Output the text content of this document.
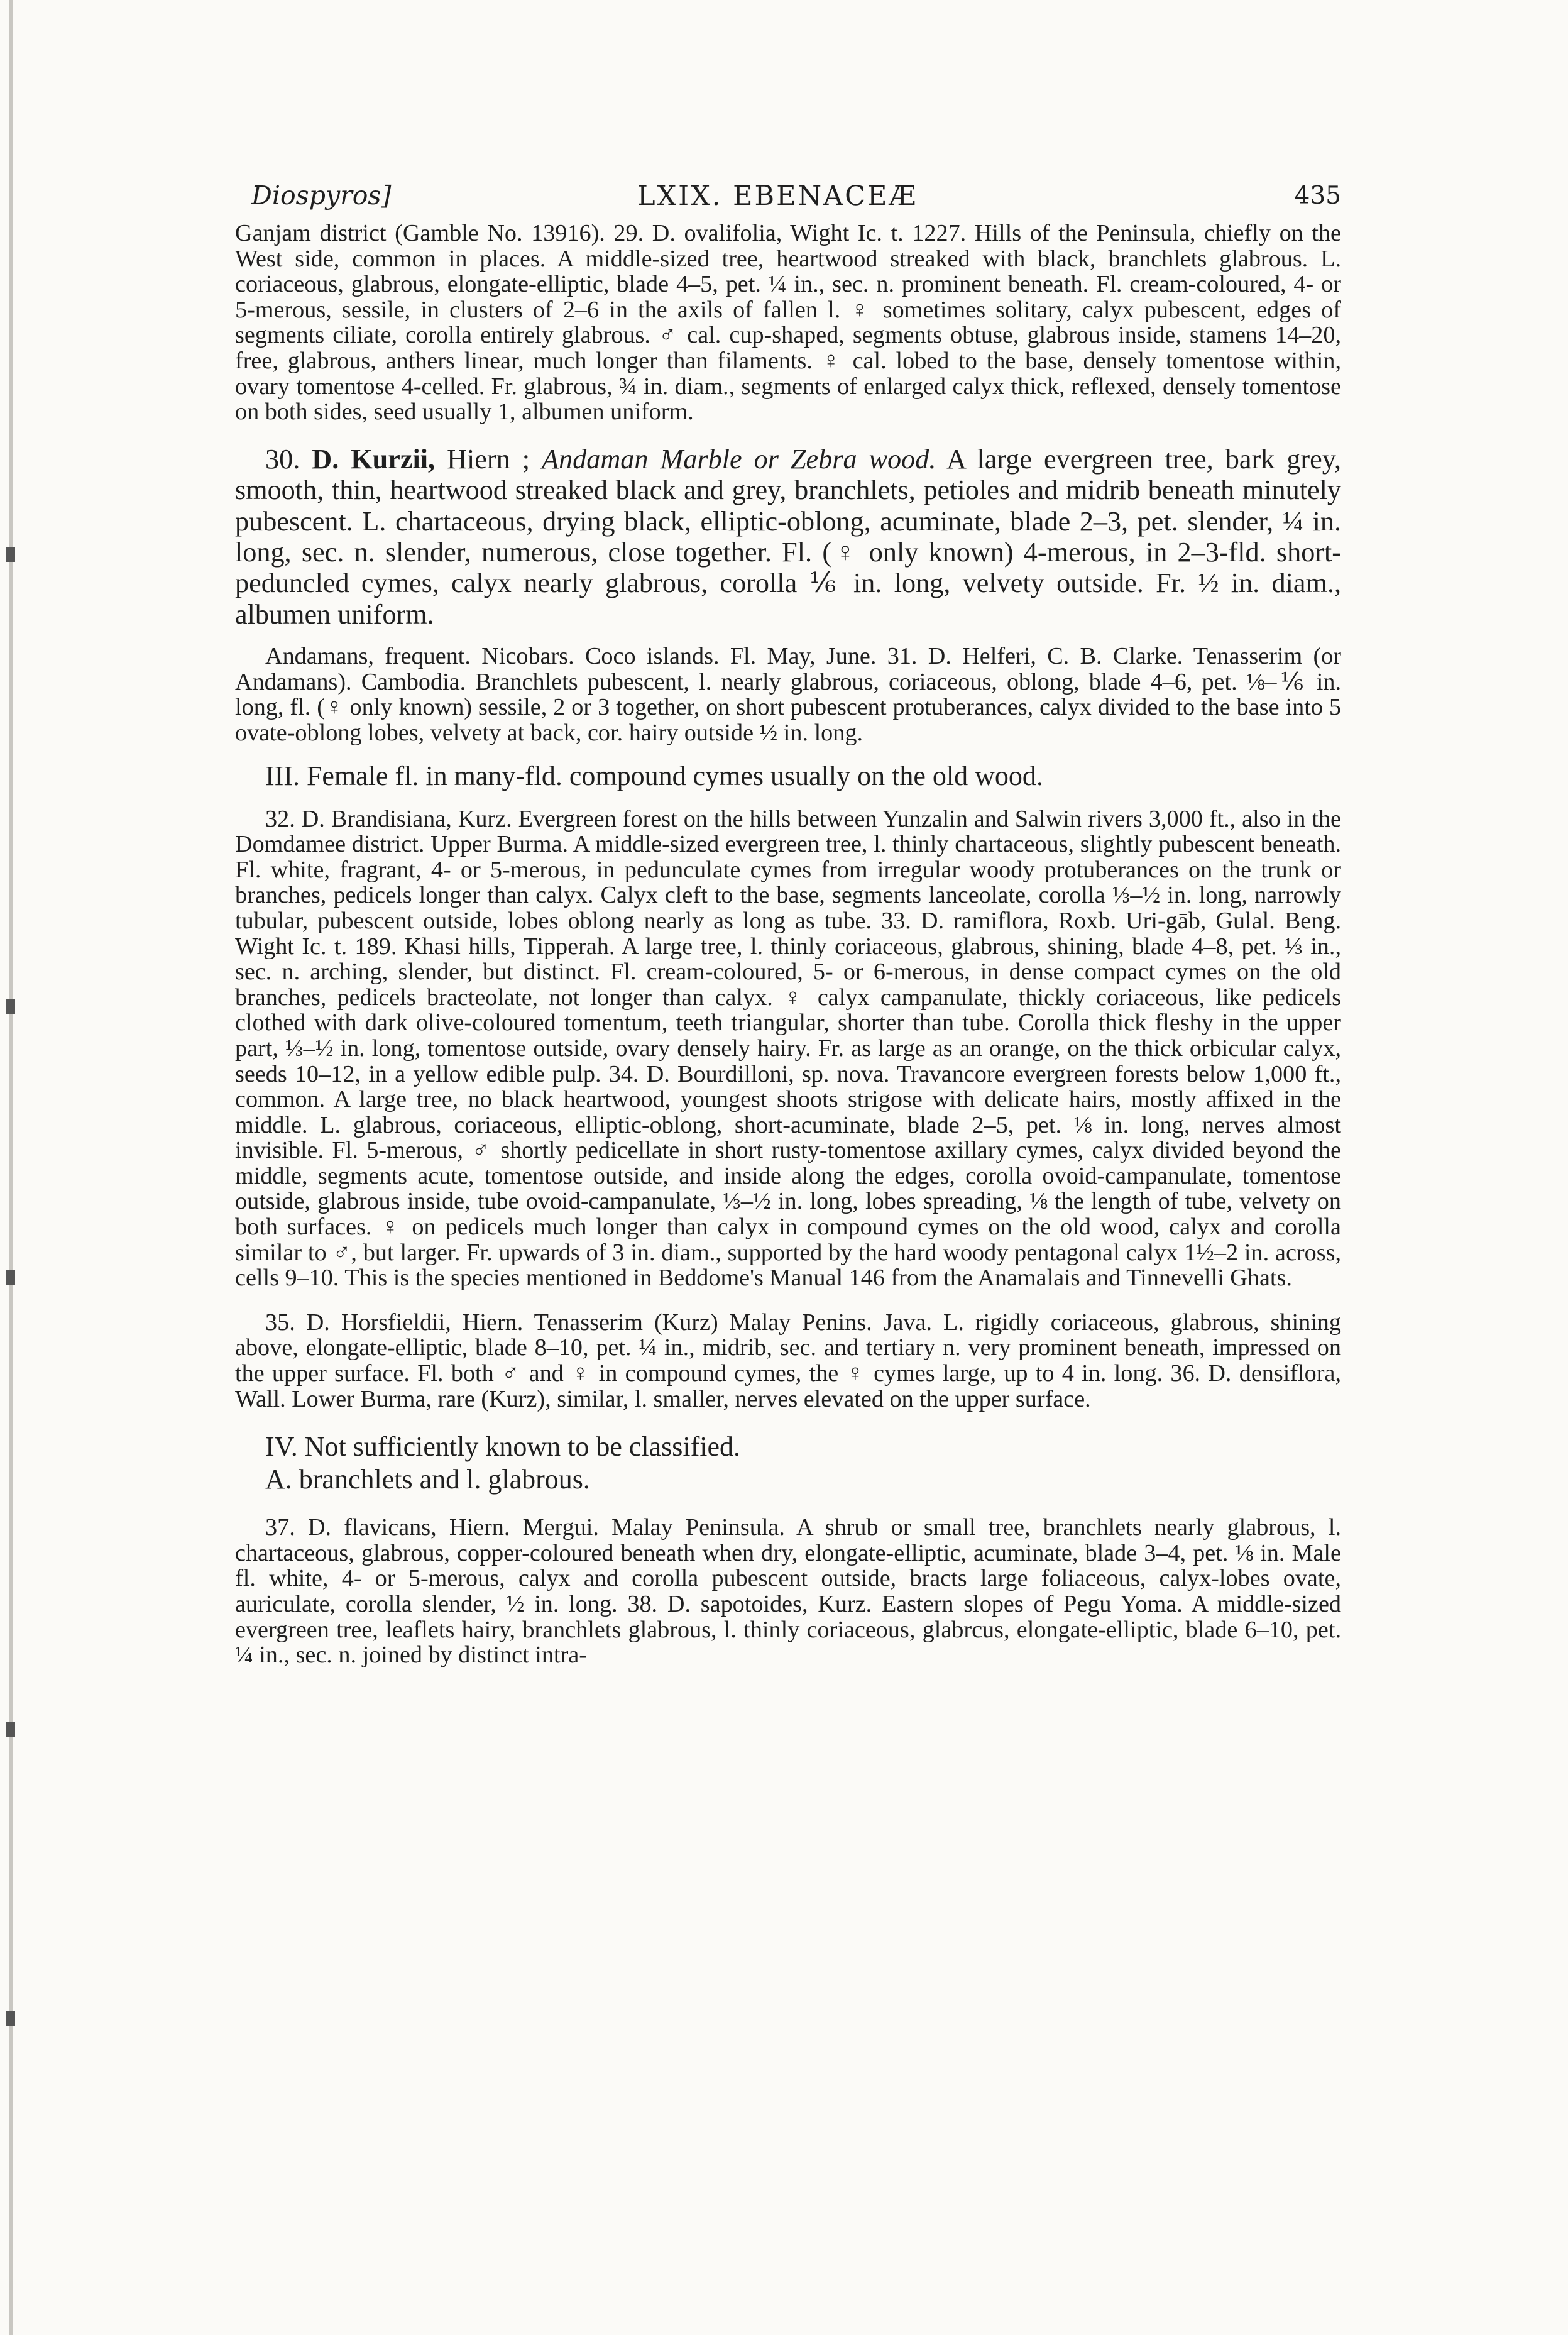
Diospyros]	LXIX. EBENACEÆ	435

Ganjam district (Gamble No. 13916). 29. D. ovalifolia, Wight Ic. t. 1227. Hills of the Peninsula, chiefly on the West side, common in places. A middle-sized tree, heartwood streaked with black, branchlets glabrous. L. coriaceous, glabrous, elongate-elliptic, blade 4–5, pet. ¼ in., sec. n. prominent beneath. Fl. cream-coloured, 4- or 5-merous, sessile, in clusters of 2–6 in the axils of fallen l. ♀ sometimes solitary, calyx pubescent, edges of segments ciliate, corolla entirely glabrous. ♂ cal. cup-shaped, segments obtuse, glabrous inside, stamens 14–20, free, glabrous, anthers linear, much longer than filaments. ♀ cal. lobed to the base, densely tomentose within, ovary tomentose 4-celled. Fr. glabrous, ¾ in. diam., segments of enlarged calyx thick, reflexed, densely tomentose on both sides, seed usually 1, albumen uniform.

30. D. Kurzii, Hiern ; Andaman Marble or Zebra wood. A large evergreen tree, bark grey, smooth, thin, heartwood streaked black and grey, branchlets, petioles and midrib beneath minutely pubescent. L. chartaceous, drying black, elliptic-oblong, acuminate, blade 2–3, pet. slender, ¼ in. long, sec. n. slender, numerous, close together. Fl. (♀ only known) 4-merous, in 2–3-fld. short-peduncled cymes, calyx nearly glabrous, corolla ⅙ in. long, velvety outside. Fr. ½ in. diam., albumen uniform.

Andamans, frequent. Nicobars. Coco islands. Fl. May, June. 31. D. Helferi, C. B. Clarke. Tenasserim (or Andamans). Cambodia. Branchlets pubescent, l. nearly glabrous, coriaceous, oblong, blade 4–6, pet. ⅛–⅙ in. long, fl. (♀ only known) sessile, 2 or 3 together, on short pubescent protuberances, calyx divided to the base into 5 ovate-oblong lobes, velvety at back, cor. hairy outside ½ in. long.

III. Female fl. in many-fld. compound cymes usually on the old wood.

32. D. Brandisiana, Kurz. Evergreen forest on the hills between Yunzalin and Salwin rivers 3,000 ft., also in the Domdamee district. Upper Burma. A middle-sized evergreen tree, l. thinly chartaceous, slightly pubescent beneath. Fl. white, fragrant, 4- or 5-merous, in pedunculate cymes from irregular woody protuberances on the trunk or branches, pedicels longer than calyx. Calyx cleft to the base, segments lanceolate, corolla ⅓–½ in. long, narrowly tubular, pubescent outside, lobes oblong nearly as long as tube. 33. D. ramiflora, Roxb. Uri-gāb, Gulal. Beng. Wight Ic. t. 189. Khasi hills, Tipperah. A large tree, l. thinly coriaceous, glabrous, shining, blade 4–8, pet. ⅓ in., sec. n. arching, slender, but distinct. Fl. cream-coloured, 5- or 6-merous, in dense compact cymes on the old branches, pedicels bracteolate, not longer than calyx. ♀ calyx campanulate, thickly coriaceous, like pedicels clothed with dark olive-coloured tomentum, teeth triangular, shorter than tube. Corolla thick fleshy in the upper part, ⅓–½ in. long, tomentose outside, ovary densely hairy. Fr. as large as an orange, on the thick orbicular calyx, seeds 10–12, in a yellow edible pulp. 34. D. Bourdilloni, sp. nova. Travancore evergreen forests below 1,000 ft., common. A large tree, no black heartwood, youngest shoots strigose with delicate hairs, mostly affixed in the middle. L. glabrous, coriaceous, elliptic-oblong, short-acuminate, blade 2–5, pet. ⅛ in. long, nerves almost invisible. Fl. 5-merous, ♂ shortly pedicellate in short rusty-tomentose axillary cymes, calyx divided beyond the middle, segments acute, tomentose outside, and inside along the edges, corolla ovoid-campanulate, tomentose outside, glabrous inside, tube ovoid-campanulate, ⅓–½ in. long, lobes spreading, ⅛ the length of tube, velvety on both surfaces. ♀ on pedicels much longer than calyx in compound cymes on the old wood, calyx and corolla similar to ♂, but larger. Fr. upwards of 3 in. diam., supported by the hard woody pentagonal calyx 1½–2 in. across, cells 9–10. This is the species mentioned in Beddome's Manual 146 from the Anamalais and Tinnevelli Ghats.

35. D. Horsfieldii, Hiern. Tenasserim (Kurz) Malay Penins. Java. L. rigidly coriaceous, glabrous, shining above, elongate-elliptic, blade 8–10, pet. ¼ in., midrib, sec. and tertiary n. very prominent beneath, impressed on the upper surface. Fl. both ♂ and ♀ in compound cymes, the ♀ cymes large, up to 4 in. long. 36. D. densiflora, Wall. Lower Burma, rare (Kurz), similar, l. smaller, nerves elevated on the upper surface.

IV. Not sufficiently known to be classified.

A. branchlets and l. glabrous.

37. D. flavicans, Hiern. Mergui. Malay Peninsula. A shrub or small tree, branchlets nearly glabrous, l. chartaceous, glabrous, copper-coloured beneath when dry, elongate-elliptic, acuminate, blade 3–4, pet. ⅛ in. Male fl. white, 4- or 5-merous, calyx and corolla pubescent outside, bracts large foliaceous, calyx-lobes ovate, auriculate, corolla slender, ½ in. long. 38. D. sapotoides, Kurz. Eastern slopes of Pegu Yoma. A middle-sized evergreen tree, leaflets hairy, branchlets glabrous, l. thinly coriaceous, glabrcus, elongate-elliptic, blade 6–10, pet. ¼ in., sec. n. joined by distinct intra-
